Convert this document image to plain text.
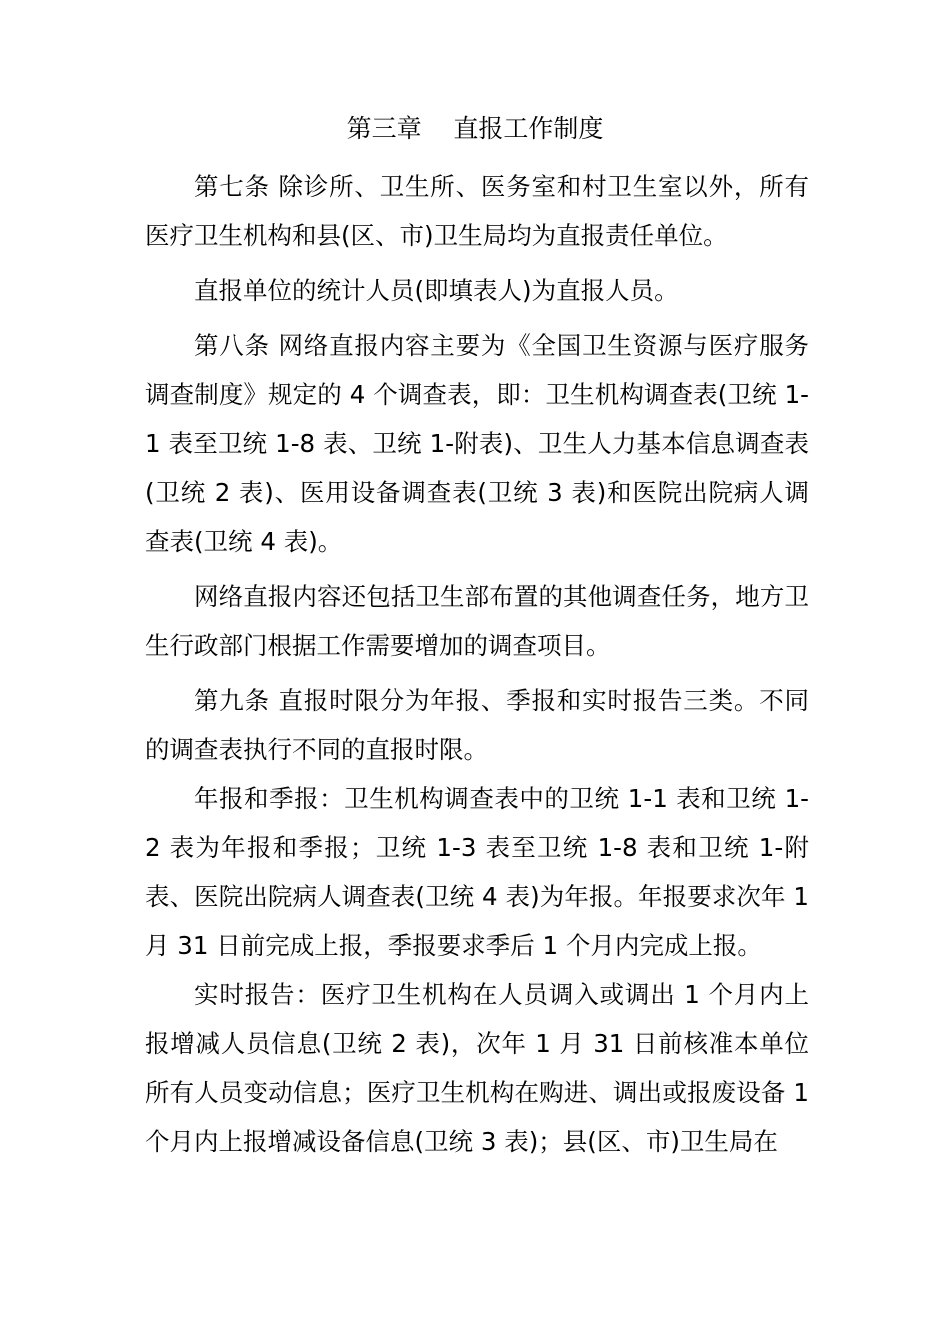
第三章    直报工作制度

第七条 除诊所、卫生所、医务室和村卫生室以外，所有医疗卫生机构和县(区、市)卫生局均为直报责任单位。

直报单位的统计人员(即填表人)为直报人员。

第八条 网络直报内容主要为《全国卫生资源与医疗服务调查制度》规定的 4 个调查表，即：卫生机构调查表(卫统 1-1 表至卫统 1-8 表、卫统 1-附表)、卫生人力基本信息调查表(卫统 2 表)、医用设备调查表(卫统 3 表)和医院出院病人调查表(卫统 4 表)。

网络直报内容还包括卫生部布置的其他调查任务，地方卫生行政部门根据工作需要增加的调查项目。

第九条 直报时限分为年报、季报和实时报告三类。不同的调查表执行不同的直报时限。

年报和季报：卫生机构调查表中的卫统 1-1 表和卫统 1-2 表为年报和季报；卫统 1-3 表至卫统 1-8 表和卫统 1-附表、医院出院病人调查表(卫统 4 表)为年报。年报要求次年 1 月 31 日前完成上报，季报要求季后 1 个月内完成上报。

实时报告：医疗卫生机构在人员调入或调出 1 个月内上报增减人员信息(卫统 2 表)，次年 1 月 31 日前核准本单位所有人员变动信息；医疗卫生机构在购进、调出或报废设备 1 个月内上报增减设备信息(卫统 3 表)；县(区、市)卫生局在
